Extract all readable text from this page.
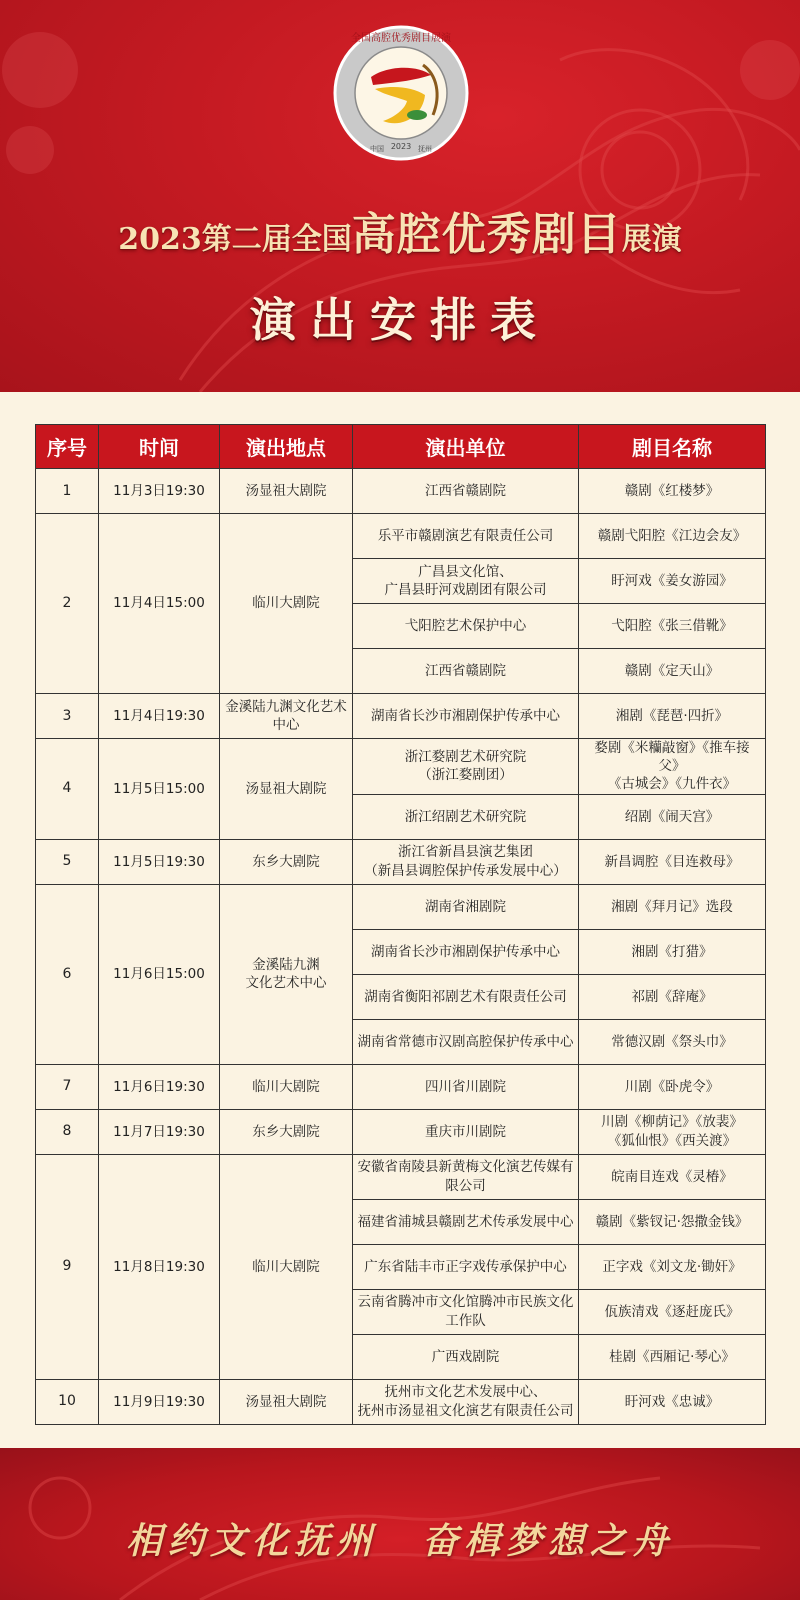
全国高腔优秀剧目展演
中国 2023 抚州
2023第二届全国高腔优秀剧目展演
演出安排表
序号	时间	演出地点	演出单位	剧目名称
1	11月3日19:30	汤显祖大剧院	江西省赣剧院	赣剧《红楼梦》
2	11月4日15:00	临川大剧院	乐平市赣剧演艺有限责任公司	赣剧弋阳腔《江边会友》
			广昌县文化馆、
广昌县盱河戏剧团有限公司	盱河戏《姜女游园》
			弋阳腔艺术保护中心	弋阳腔《张三借靴》
			江西省赣剧院	赣剧《定天山》
3	11月4日19:30	金溪陆九渊文化艺术中心	湖南省长沙市湘剧保护传承中心	湘剧《琵琶·四折》
4	11月5日15:00	汤显祖大剧院	浙江婺剧艺术研究院
（浙江婺剧团）	婺剧《米糷敲窗》《推车接父》
《古城会》《九件衣》
			浙江绍剧艺术研究院	绍剧《闹天宫》
5	11月5日19:30	东乡大剧院	浙江省新昌县演艺集团
（新昌县调腔保护传承发展中心）	新昌调腔《目连救母》
6	11月6日15:00	金溪陆九渊
文化艺术中心	湖南省湘剧院	湘剧《拜月记》选段
			湖南省长沙市湘剧保护传承中心	湘剧《打猎》
			湖南省衡阳祁剧艺术有限责任公司	祁剧《辞庵》
			湖南省常德市汉剧高腔保护传承中心	常德汉剧《祭头巾》
7	11月6日19:30	临川大剧院	四川省川剧院	川剧《卧虎令》
8	11月7日19:30	东乡大剧院	重庆市川剧院	川剧《柳荫记》《放裴》
《狐仙恨》《西关渡》
9	11月8日19:30	临川大剧院	安徽省南陵县新黄梅文化演艺传媒有限公司	皖南目连戏《灵椿》
			福建省浦城县赣剧艺术传承发展中心	赣剧《紫钗记·怨撒金钱》
			广东省陆丰市正字戏传承保护中心	正字戏《刘文龙·锄奸》
			云南省腾冲市文化馆腾冲市民族文化工作队	佤族清戏《逐赶庞氏》
			广西戏剧院	桂剧《西厢记·琴心》
10	11月9日19:30	汤显祖大剧院	抚州市文化艺术发展中心、
抚州市汤显祖文化演艺有限责任公司	盱河戏《忠诚》
相约文化抚州 奋楫梦想之舟
